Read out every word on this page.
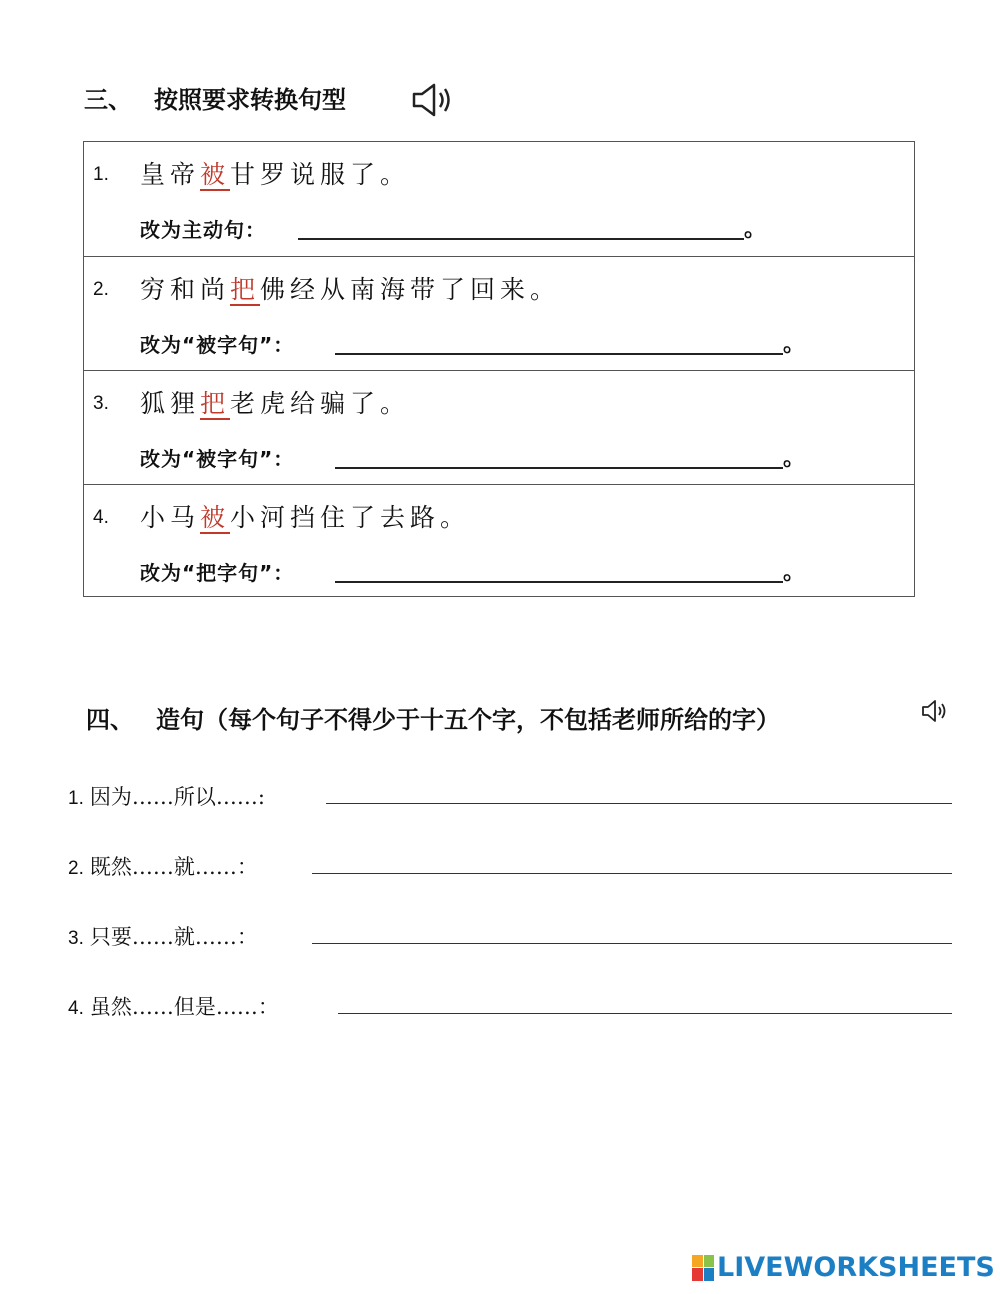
三、 按照要求转换句型
1. 皇帝被甘罗说服了。
改为主动句：	。
2. 穷和尚把佛经从南海带了回来。
改为“被字句”：	。
3. 狐狸把老虎给骗了。
改为“被字句”：	。
4. 小马被小河挡住了去路。
改为“把字句”：	。
四、 造句（每个句子不得少于十五个字，不包括老师所给的字）
1. 因为……所以……:
2. 既然……就……：
3. 只要……就……：
4. 虽然……但是……：
LIVEWORKSHEETS
